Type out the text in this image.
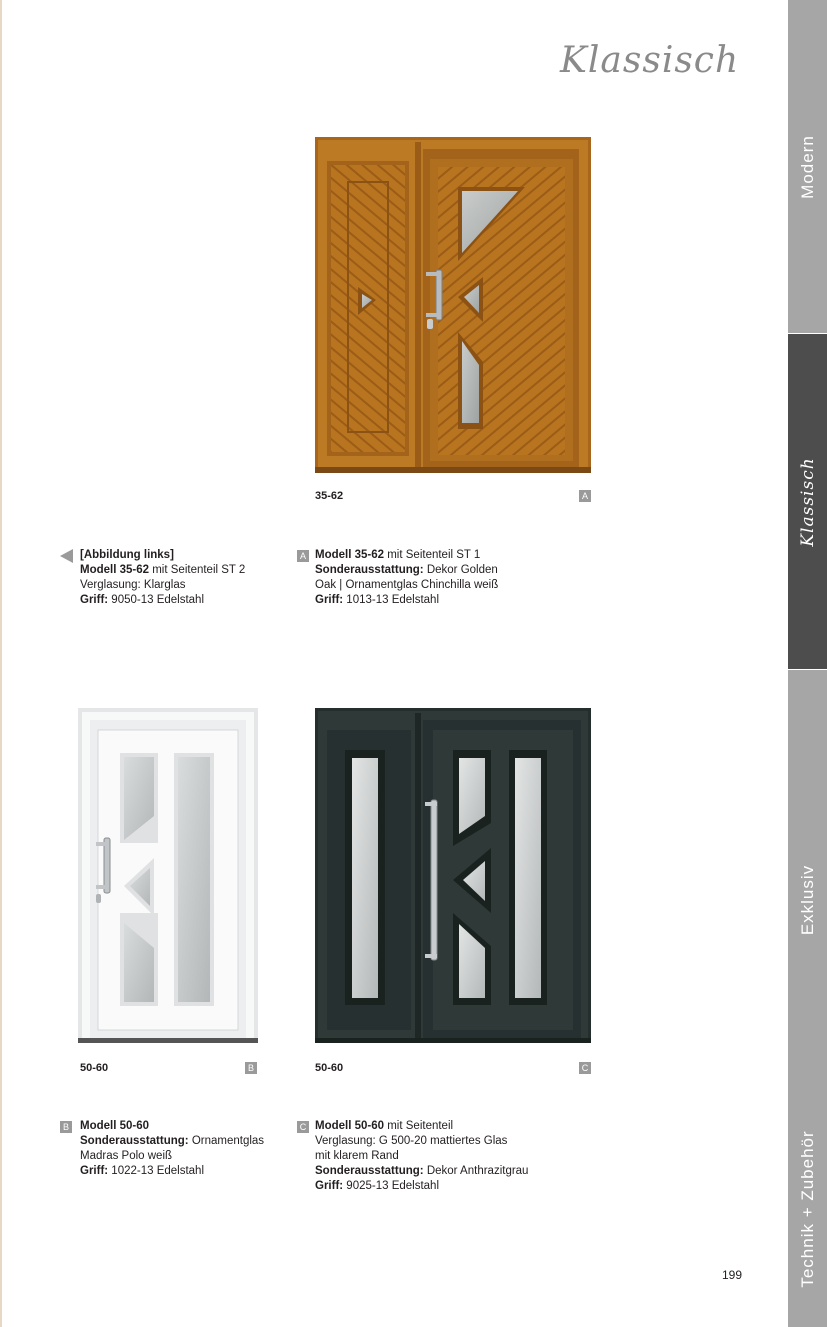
Klassisch
Modern
Klassisch
Exklusiv
Technik + Zubehör
35-62	A
[Abbildung links]
Modell 35-62 mit Seitenteil ST 2
Verglasung: Klarglas
Griff: 9050-13 Edelstahl
A Modell 35-62 mit Seitenteil ST 1
Sonderausstattung: Dekor Golden
Oak | Ornamentglas Chinchilla weiß
Griff: 1013-13 Edelstahl
50-60	B	50-60	C
B Modell 50-60
Sonderausstattung: Ornamentglas
Madras Polo weiß
Griff: 1022-13 Edelstahl
C Modell 50-60 mit Seitenteil
Verglasung: G 500-20 mattiertes Glas
mit klarem Rand
Sonderausstattung: Dekor Anthrazitgrau
Griff: 9025-13 Edelstahl
199
